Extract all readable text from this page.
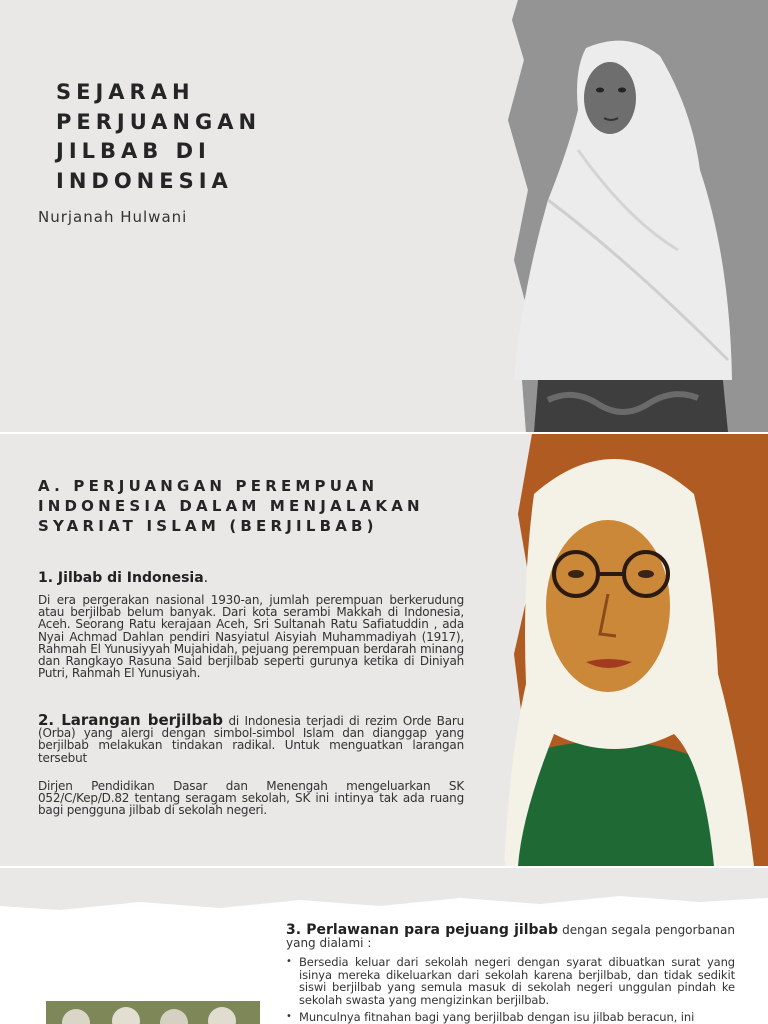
SEJARAH
PERJUANGAN
JILBAB DI
INDONESIA
Nurjanah Hulwani
A. PERJUANGAN PEREMPUAN
INDONESIA DALAM MENJALAKAN
SYARIAT ISLAM (BERJILBAB)
1. Jilbab di Indonesia.

Di era pergerakan nasional 1930-an, jumlah perempuan berkerudung atau berjilbab belum banyak. Dari kota serambi Makkah di Indonesia, Aceh. Seorang Ratu kerajaan Aceh, Sri Sultanah Ratu Safiatuddin , ada Nyai Achmad Dahlan pendiri Nasyiatul Aisyiah Muhammadiyah (1917), Rahmah El Yunusiyyah Mujahidah, pejuang perempuan berdarah minang dan Rangkayo Rasuna Said berjilbab seperti gurunya ketika di Diniyah Putri, Rahmah El Yunusiyah.

2. Larangan berjilbab di Indonesia terjadi di rezim Orde Baru (Orba) yang alergi dengan simbol-simbol Islam dan dianggap yang berjilbab melakukan tindakan radikal. Untuk menguatkan larangan tersebut

Dirjen Pendidikan Dasar dan Menengah mengeluarkan SK 052/C/Kep/D.82 tentang seragam sekolah, SK ini intinya tak ada ruang bagi pengguna jilbab di sekolah negeri.

3. Perlawanan para pejuang jilbab dengan segala pengorbanan yang dialami :
• Bersedia keluar dari sekolah negeri dengan syarat dibuatkan surat yang isinya mereka dikeluarkan dari sekolah karena berjilbab, dan tidak sedikit siswi berjilbab yang semula masuk di sekolah negeri unggulan pindah ke sekolah swasta yang mengizinkan berjilbab.
• Munculnya fitnahan bagi yang berjilbab dengan isu jilbab beracun, ini
